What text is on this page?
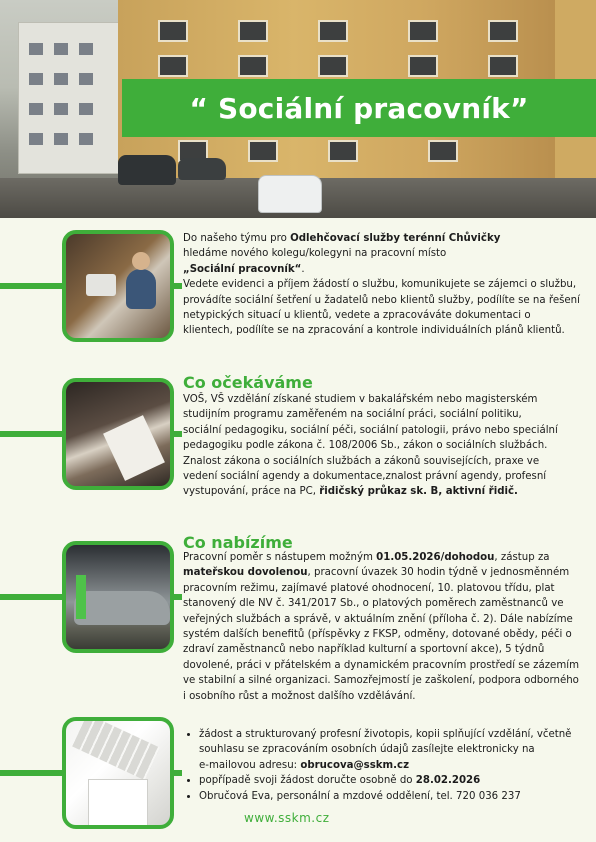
“ Sociální pracovník”
Do našeho týmu pro Odlehčovací služby terénní Chůvičky
hledáme nového kolegu/kolegyni na pracovní místo
„Sociální pracovník“.
Vedete evidenci a příjem žádostí o službu, komunikujete se zájemci o službu, provádíte sociální šetření u žadatelů nebo klientů služby, podílíte se na řešení netypických situací u klientů, vedete a zpracováváte dokumentaci o klientech, podílíte se na zpracování a kontrole individuálních plánů klientů.
Co očekáváme
VOŠ, VŠ vzdělání získané studiem v bakalářském nebo magisterském studijním programu zaměřeném na sociální práci, sociální politiku, sociální pedagogiku, sociální péči, sociální patologii, právo nebo speciální pedagogiku podle zákona č. 108/2006 Sb., zákon o sociálních službách.
Znalost zákona o sociálních službách a zákonů souvisejících, praxe ve vedení sociální agendy a dokumentace,znalost právní agendy, profesní vystupování, práce na PC, řidičský průkaz sk. B, aktivní řidič.
Co nabízíme
Pracovní poměr s nástupem možným 01.05.2026/dohodou, zástup za mateřskou dovolenou, pracovní úvazek 30 hodin týdně v jednosměnném pracovním režimu, zajímavé platové ohodnocení, 10. platovou třídu, plat stanovený dle NV č. 341/2017 Sb., o platových poměrech zaměstnanců ve veřejných službách a správě, v aktuálním znění (příloha č. 2). Dále nabízíme systém dalších benefitů (příspěvky z FKSP, odměny, dotované obědy, péči o zdraví zaměstnanců nebo například kulturní a sportovní akce), 5 týdnů dovolené, práci v přátelském a dynamickém pracovním prostředí se zázemím ve stabilní a silné organizaci. Samozřejmostí je zaškolení, podpora odborného i osobního růst a možnost dalšího vzdělávání.
• žádost a strukturovaný profesní životopis, kopii splňující vzdělání, včetně souhlasu se zpracováním osobních údajů zasílejte elektronicky na
e-mailovou adresu: obrucova@sskm.cz
• popřípadě svoji žádost doručte osobně do 28.02.2026
• Obručová Eva, personální a mzdové oddělení, tel. 720 036 237
www.sskm.cz
